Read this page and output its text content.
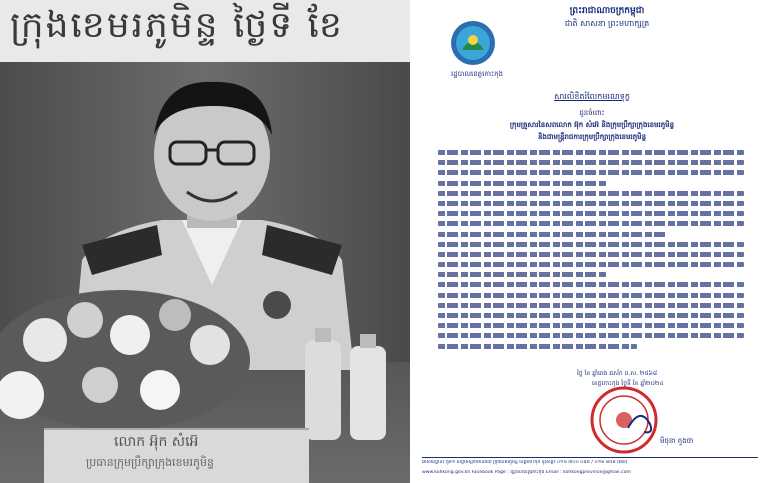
ក្រុងខេមរភូមិន្ទ ថ្ងៃទី ខែ
លោក អ៊ុក សំអ៊េ
ប្រធានក្រុមប្រឹក្សាក្រុងខេមរភូមិន្ទ
ព្រះរាជាណាចក្រកម្ពុជា
ជាតិ សាសនា ព្រះមហាក្សត្រ
រដ្ឋបាលខេត្តកោះកុង
សារលិខិតរំលែកមរណទុក្ខ
ជូនចំពោះ
ក្រុមគ្រួសារនៃសពលោក អ៊ុក សំអ៊េ និងក្រុមប្រឹក្សាក្រុងខេមរភូមិន្ទ
និងជាមន្ត្រីរាជការក្រុមប្រឹក្សាក្រុងខេមរភូមិន្ទ
ថ្ងៃ ខែ ឆ្នាំរោង ឆស័ក ព.ស. ២៥៦៨
ខេត្តកោះកុង ថ្ងៃទី ខែ ឆ្នាំ២០២៤
មិថុនា ភួងថា
អាសយដ្ឋាន៖ ភូមិ១ សង្កាត់ស្មាច់មានជ័យ ក្រុងខេមរភូមិន្ទ ខេត្តកោះកុង ទូរស័ព្ទ៖ ០១៦ ៣០០ ០៨៥ / ០១៦ ៨៥៨ ៧៨៥
www.kohkong.gov.kh Facebook Page : រដ្ឋបាលខេត្តកោះកុង Email : kohkongprovince@gmail.com
